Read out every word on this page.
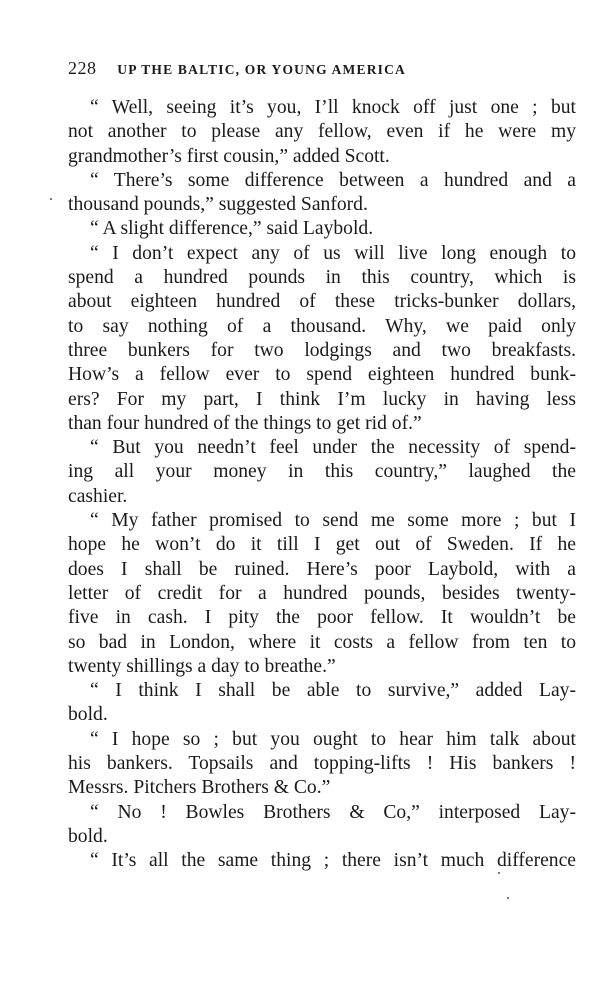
228 UP THE BALTIC, OR YOUNG AMERICA
“ Well, seeing it’s you, I’ll knock off just one ; but
not another to please any fellow, even if he were my
grandmother’s first cousin,” added Scott.
“ There’s some difference between a hundred and a
thousand pounds,” suggested Sanford.
“ A slight difference,” said Laybold.
“ I don’t expect any of us will live long enough to
spend a hundred pounds in this country, which is
about eighteen hundred of these tricks-bunker dollars,
to say nothing of a thousand. Why, we paid only
three bunkers for two lodgings and two breakfasts.
How’s a fellow ever to spend eighteen hundred bunk-
ers? For my part, I think I’m lucky in having less
than four hundred of the things to get rid of.”
“ But you needn’t feel under the necessity of spend-
ing all your money in this country,” laughed the
cashier.
“ My father promised to send me some more ; but I
hope he won’t do it till I get out of Sweden. If he
does I shall be ruined. Here’s poor Laybold, with a
letter of credit for a hundred pounds, besides twenty-
five in cash. I pity the poor fellow. It wouldn’t be
so bad in London, where it costs a fellow from ten to
twenty shillings a day to breathe.”
“ I think I shall be able to survive,” added Lay-
bold.
“ I hope so ; but you ought to hear him talk about
his bankers. Topsails and topping-lifts ! His bankers !
Messrs. Pitchers Brothers & Co.”
“ No ! Bowles Brothers & Co,” interposed Lay-
bold.
“ It’s all the same thing ; there isn’t much difference
